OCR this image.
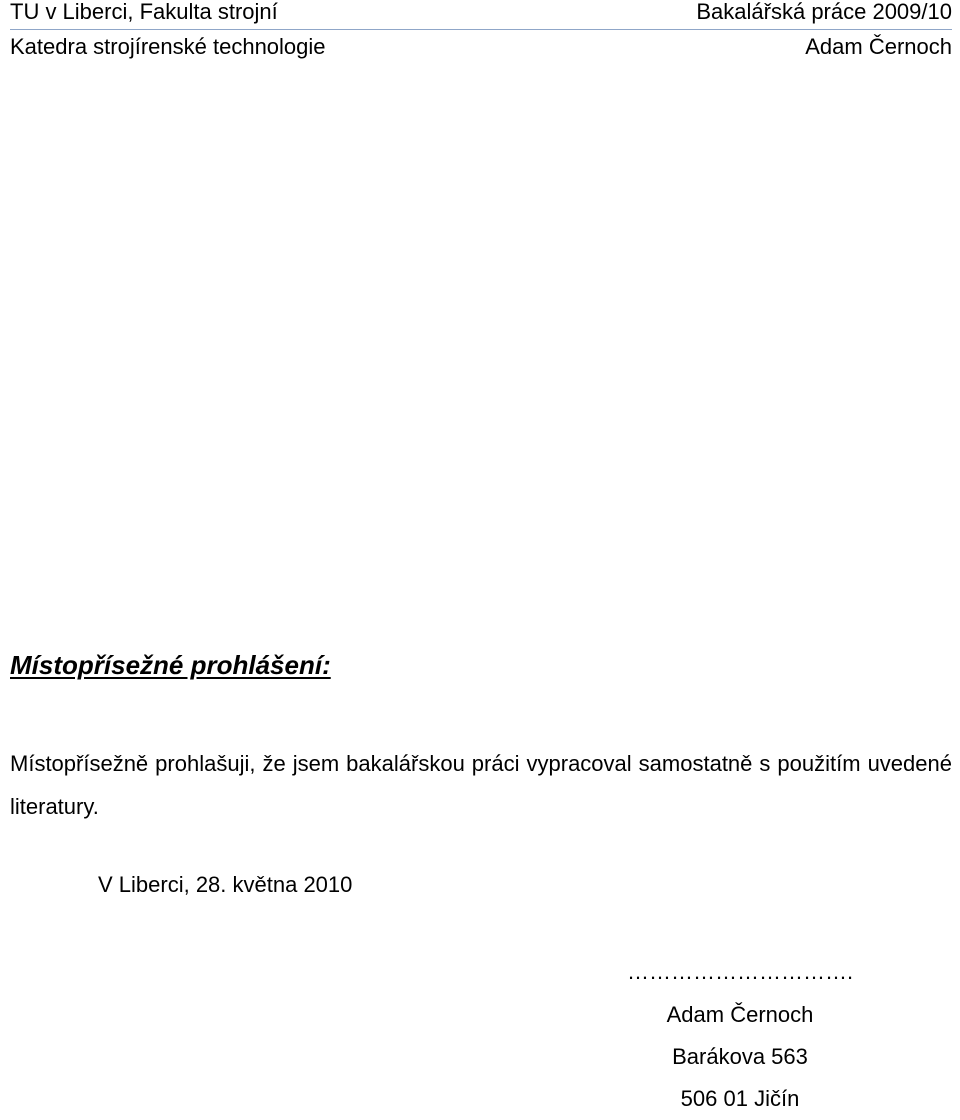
TU v Liberci, Fakulta strojní	Bakalářská práce 2009/10
Katedra strojírenské technologie	Adam Černoch
Místopřísežné prohlášení:
Místopřísežně prohlašuji, že jsem bakalářskou práci vypracoval samostatně s použitím uvedené literatury.
V Liberci, 28. května 2010
………………………….
Adam Černoch
Barákova 563
506 01 Jičín
